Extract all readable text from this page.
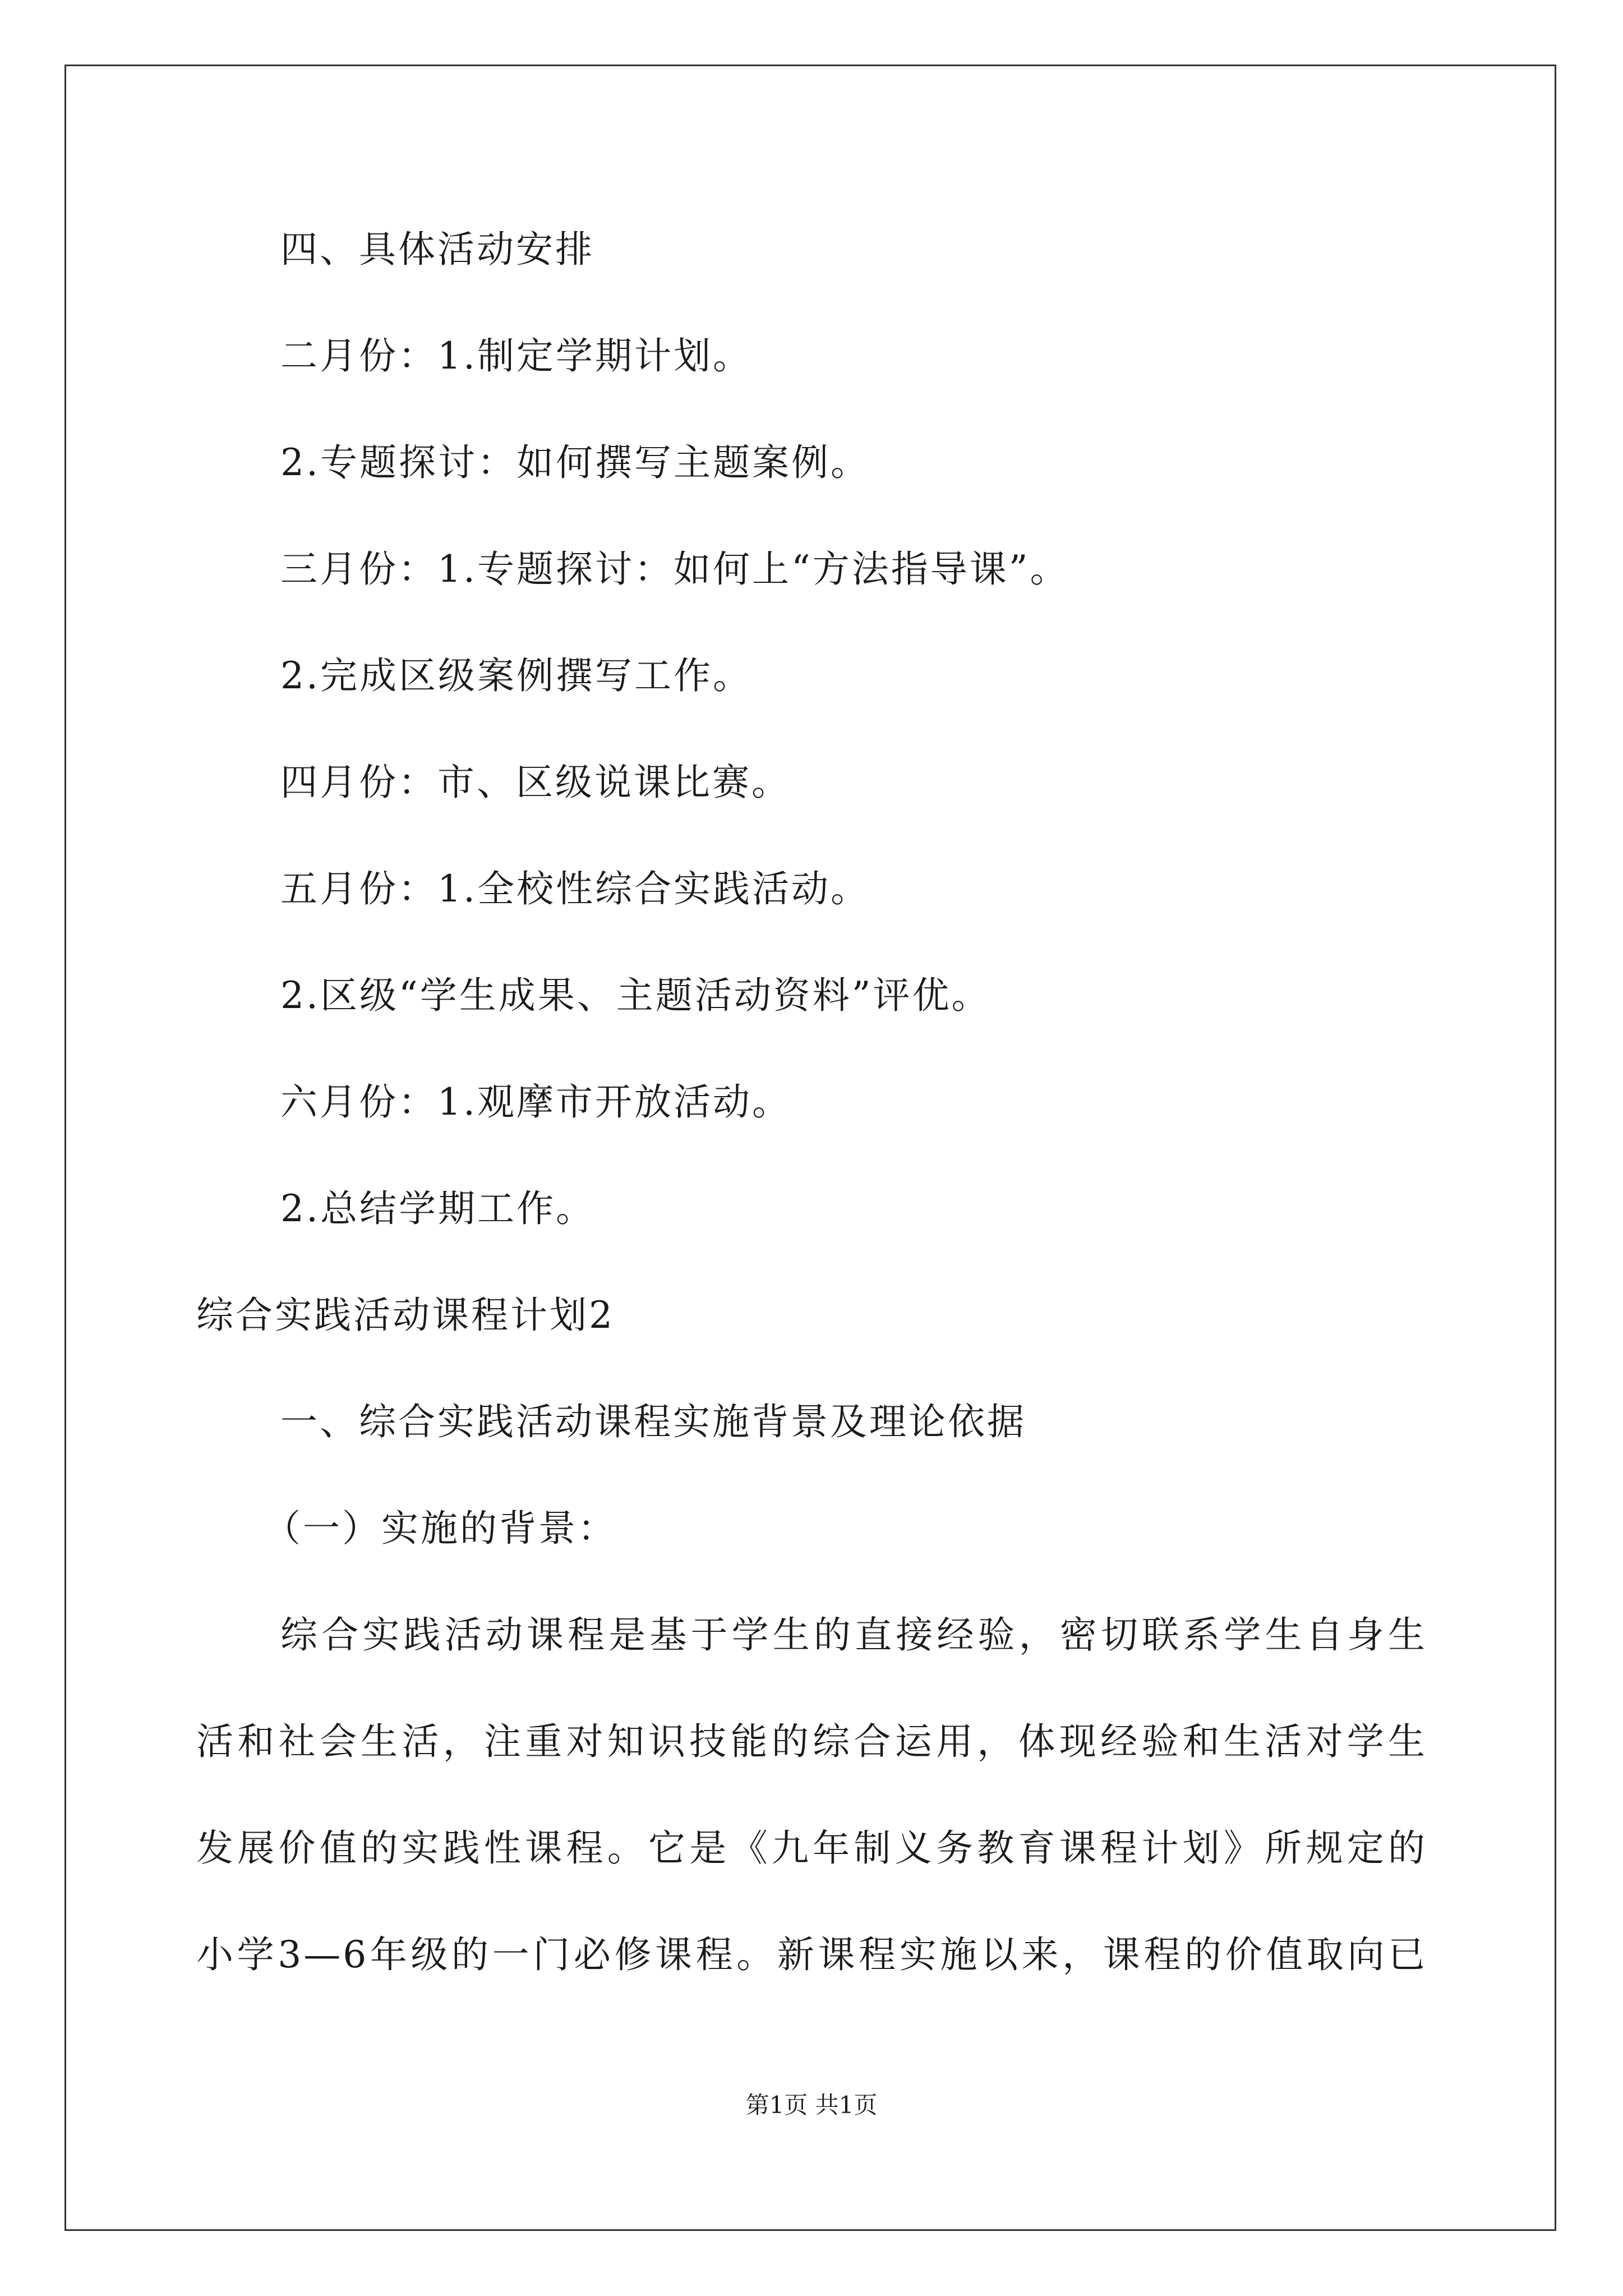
四、具体活动安排
二月份：1.制定学期计划。
2.专题探讨：如何撰写主题案例。
三月份：1.专题探讨：如何上“方法指导课”。
2.完成区级案例撰写工作。
四月份：市、区级说课比赛。
五月份：1.全校性综合实践活动。
2.区级“学生成果、主题活动资料”评优。
六月份：1.观摩市开放活动。
2.总结学期工作。
综合实践活动课程计划2
一、综合实践活动课程实施背景及理论依据
（一）实施的背景：
综合实践活动课程是基于学生的直接经验，密切联系学生自身生
活和社会生活，注重对知识技能的综合运用，体现经验和生活对学生
发展价值的实践性课程。它是《九年制义务教育课程计划》所规定的
小学3—6年级的一门必修课程。新课程实施以来，课程的价值取向已
第1页 共1页
